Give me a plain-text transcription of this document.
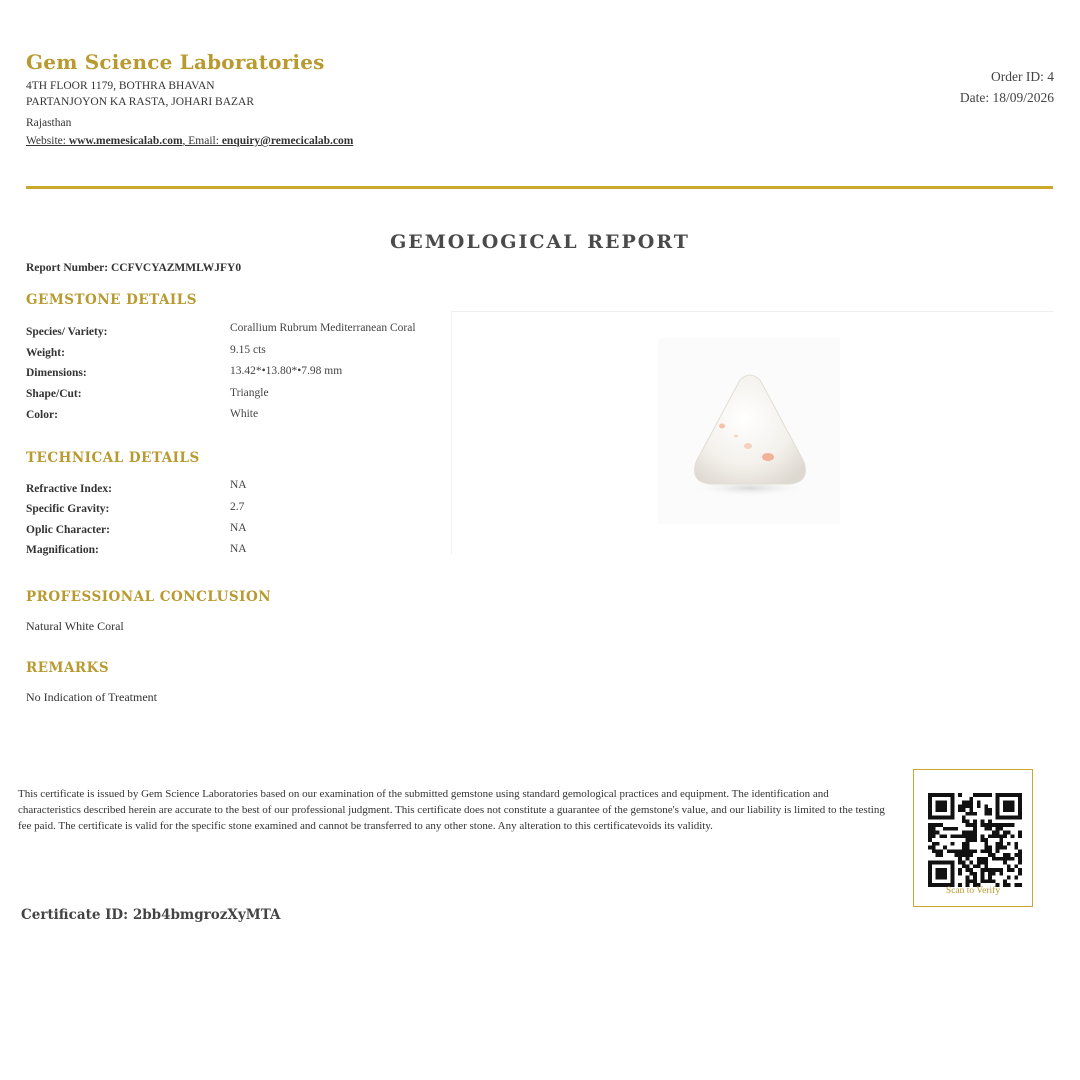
Gem Science Laboratories
4TH FLOOR 1179, BOTHRA BHAVAN
PARTANJOYON KA RASTA, JOHARI BAZAR
Rajasthan
Website: www.memesicalab.com, Email: enquiry@remecicalab.com
Order ID: 4
Date: 18/09/2026
GEMOLOGICAL REPORT
Report Number: CCFVCYAZMMLWJFY0
GEMSTONE DETAILS
Species/ Variety:	Corallium Rubrum Mediterranean Coral
Weight:	9.15 cts
Dimensions:	13.42*•13.80*•7.98 mm
Shape/Cut:	Triangle
Color:	White
TECHNICAL DETAILS
Refractive Index:	NA
Specific Gravity:	2.7
Oplic Character:	NA
Magnification:	NA
PROFESSIONAL CONCLUSION
Natural White Coral
REMARKS
No Indication of Treatment
This certificate is issued by Gem Science Laboratories based on our examination of the submitted gemstone using standard gemological practices and equipment. The identification and characteristics described herein are accurate to the best of our professional judgment. This certificate does not constitute a guarantee of the gemstone's value, and our liability is limited to the testing fee paid. The certificate is valid for the specific stone examined and cannot be transferred to any other stone. Any alteration to this certificatevoids its validity.
Certificate ID: 2bb4bmgrozXyMTA
Scan to Verify
